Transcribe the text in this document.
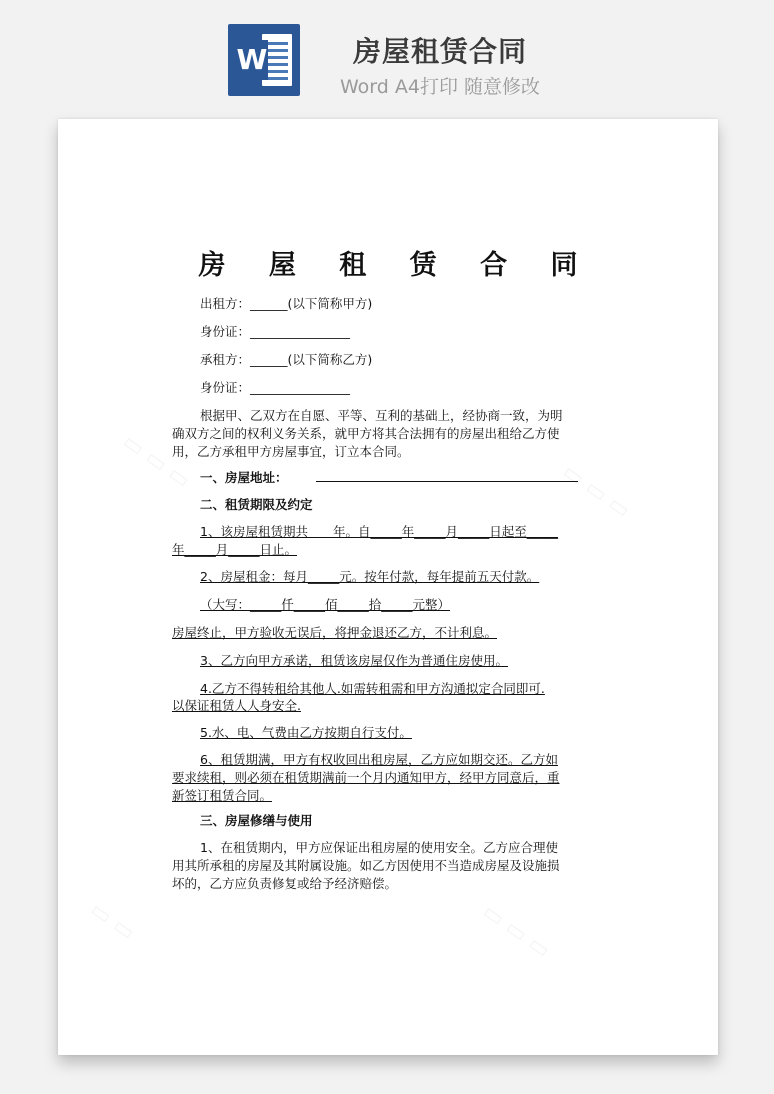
W	房屋租赁合同
Word A4打印 随意修改
房 屋 租 赁 合 同
出租方：______(以下简称甲方)
身份证：________________
承租方：______(以下简称乙方)
身份证：________________
根据甲、乙双方在自愿、平等、互利的基础上，经协商一致，为明
确双方之间的权利义务关系，就甲方将其合法拥有的房屋出租给乙方使
用，乙方承租甲方房屋事宜，订立本合同。
一、房屋地址：
二、租赁期限及约定
1、该房屋租赁期共　　年。自_____年_____月_____日起至_____
年_____月_____日止。
2、房屋租金：每月_____元。按年付款，每年提前五天付款。
（大写：_____仟_____佰_____拾_____元整）
房屋终止，甲方验收无误后，将押金退还乙方，不计利息。
3、乙方向甲方承诺，租赁该房屋仅作为普通住房使用。
4.乙方不得转租给其他人.如需转租需和甲方沟通拟定合同即可.
以保证租赁人人身安全.
5.水、电、气费由乙方按期自行支付。
6、租赁期满，甲方有权收回出租房屋，乙方应如期交还。乙方如
要求续租，则必须在租赁期满前一个月内通知甲方，经甲方同意后，重
新签订租赁合同。
三、房屋修缮与使用
1、在租赁期内，甲方应保证出租房屋的使用安全。乙方应合理使
用其所承租的房屋及其附属设施。如乙方因使用不当造成房屋及设施损
坏的，乙方应负责修复或给予经济赔偿。
